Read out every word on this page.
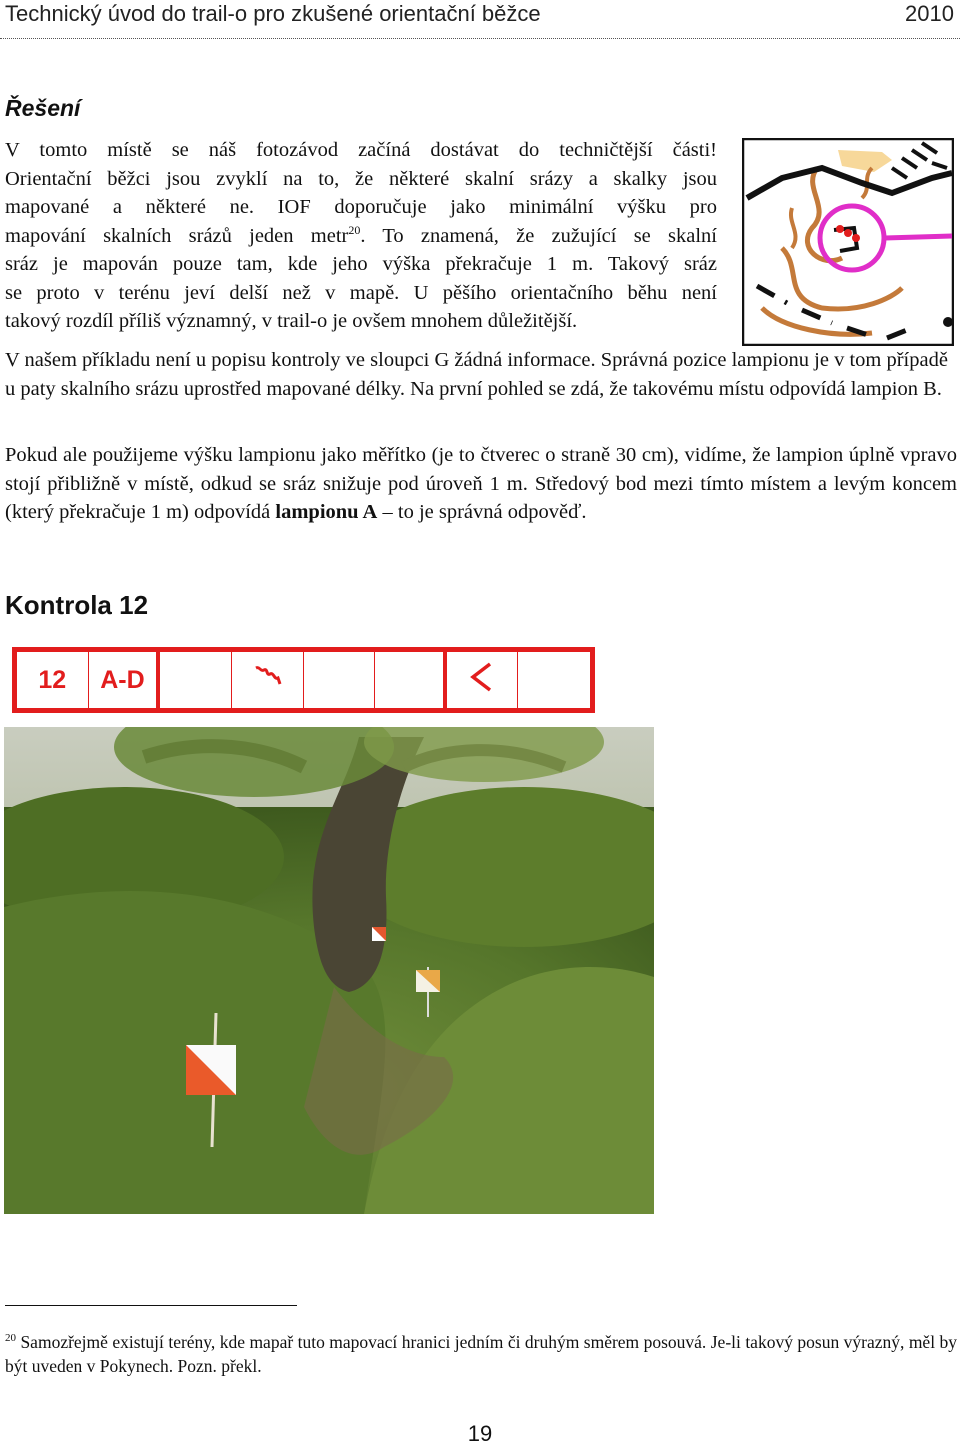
Technický úvod do trail-o pro zkušené orientační běžce	2010
Řešení
V tomto místě se náš fotozávod začíná dostávat do techničtější části!
Orientační běžci jsou zvyklí na to, že některé skalní srázy a skalky jsou
mapované a některé ne. IOF doporučuje jako minimální výšku pro
mapování skalních srázů jeden metr$^{20}$. To znamená, že zužující se skalní
sráz je mapován pouze tam, kde jeho výška překračuje 1 m. Takový sráz
se proto v terénu jeví delší než v mapě. U pěšího orientačního běhu není
takový rozdíl příliš významný, v trail-o je ovšem mnohem důležitější.

V našem příkladu není u popisu kontroly ve sloupci G žádná informace. Správná pozice lampionu je v tom případě u paty skalního srázu uprostřed mapované délky. Na první pohled se zdá, že takovému místu odpovídá lampion B.

Pokud ale použijeme výšku lampionu jako měřítko (je to čtverec o straně 30 cm), vidíme, že lampion úplně vpravo stojí přibližně v místě, odkud se sráz snižuje pod úroveň 1 m. Středový bod mezi tímto místem a levým koncem (který překračuje 1 m) odpovídá lampionu A – to je správná odpověď.

Kontrola 12
12	A-D

$^{20}$ Samozřejmě existují terény, kde mapař tuto mapovací hranici jedním či druhým směrem posouvá. Je-li takový posun výrazný, měl by být uveden v Pokynech. Pozn. překl.

19
